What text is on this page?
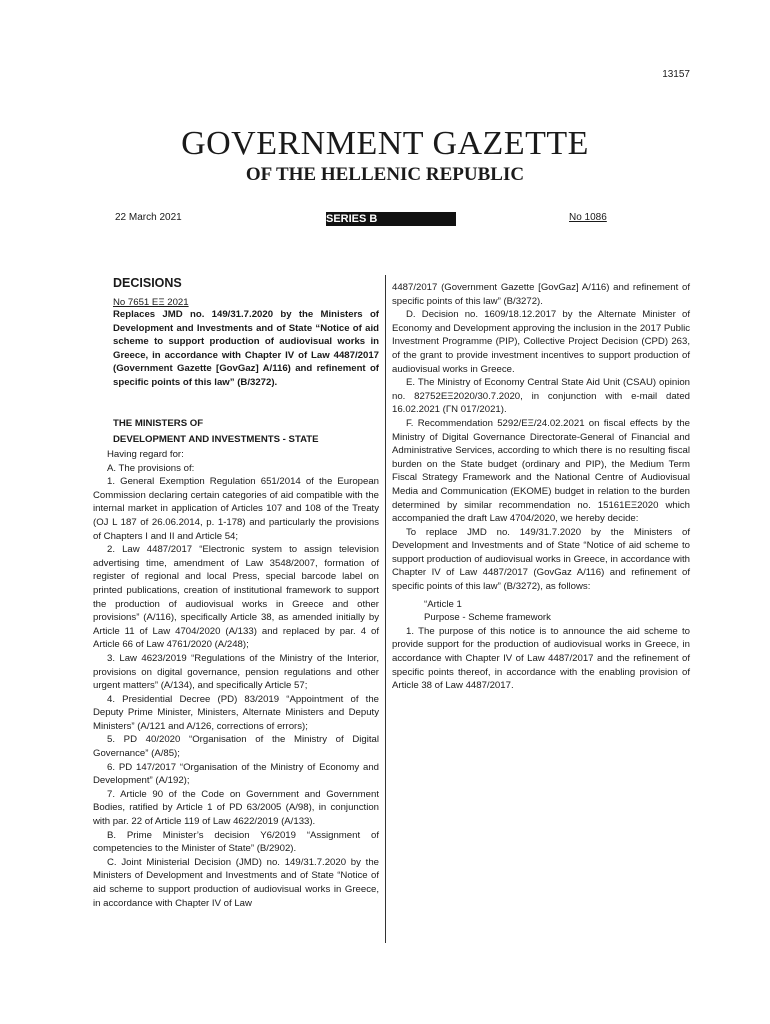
13157
GOVERNMENT GAZETTE
OF THE HELLENIC REPUBLIC
22 March 2021	SERIES B	No 1086
DECISIONS
No 7651 ΕΞ 2021
Replaces JMD no. 149/31.7.2020 by the Ministers of Development and Investments and of State “Notice of aid scheme to support production of audiovisual works in Greece, in accordance with Chapter IV of Law 4487/2017 (Government Gazette [GovGaz] A/116) and refinement of specific points of this law” (B/3272).
THE MINISTERS OF
DEVELOPMENT AND INVESTMENTS - STATE

Having regard for:

A. The provisions of:

1. General Exemption Regulation 651/2014 of the European Commission declaring certain categories of aid compatible with the internal market in application of Articles 107 and 108 of the Treaty (OJ L 187 of 26.06.2014, p. 1-178) and particularly the provisions of Chapters I and II and Article 54;

2. Law 4487/2017 “Electronic system to assign television advertising time, amendment of Law 3548/2007, formation of register of regional and local Press, special barcode label on printed publications, creation of institutional framework to support the production of audiovisual works in Greece and other provisions” (A/116), specifically Article 38, as amended initially by Article 11 of Law 4704/2020 (A/133) and replaced by par. 4 of Article 66 of Law 4761/2020 (A/248);

3. Law 4623/2019 “Regulations of the Ministry of the Interior, provisions on digital governance, pension regulations and other urgent matters” (A/134), and specifically Article 57;

4. Presidential Decree (PD) 83/2019 “Appointment of the Deputy Prime Minister, Ministers, Alternate Ministers and Deputy Ministers” (A/121 and A/126, corrections of errors);

5. PD 40/2020 “Organisation of the Ministry of Digital Governance” (A/85);

6. PD 147/2017 “Organisation of the Ministry of Economy and Development” (A/192);

7. Article 90 of the Code on Government and Government Bodies, ratified by Article 1 of PD 63/2005 (A/98), in conjunction with par. 22 of Article 119 of Law 4622/2019 (A/133).

B. Prime Minister’s decision Y6/2019 “Assignment of competencies to the Minister of State” (B/2902).

C. Joint Ministerial Decision (JMD) no. 149/31.7.2020 by the Ministers of Development and Investments and of State “Notice of aid scheme to support production of audiovisual works in Greece, in accordance with Chapter IV of Law

4487/2017 (Government Gazette [GovGaz] A/116) and refinement of specific points of this law” (B/3272).

D. Decision no. 1609/18.12.2017 by the Alternate Minister of Economy and Development approving the inclusion in the 2017 Public Investment Programme (PIP), Collective Project Decision (CPD) 263, of the grant to provide investment incentives to support production of audiovisual works in Greece.

E. The Ministry of Economy Central State Aid Unit (CSAU) opinion no. 82752ΕΞ2020/30.7.2020, in conjunction with e-mail dated 16.02.2021 (ΓΝ 017/2021).

F. Recommendation 5292/ΕΞ/24.02.2021 on fiscal effects by the Ministry of Digital Governance Directorate-General of Financial and Administrative Services, according to which there is no resulting fiscal burden on the State budget (ordinary and PIP), the Medium Term Fiscal Strategy Framework and the National Centre of Audiovisual Media and Communication (EKOME) budget in relation to the burden determined by similar recommendation no. 15161ΕΞ2020 which accompanied the draft Law 4704/2020, we hereby decide:

To replace JMD no. 149/31.7.2020 by the Ministers of Development and Investments and of State “Notice of aid scheme to support production of audiovisual works in Greece, in accordance with Chapter IV of Law 4487/2017 (GovGaz A/116) and refinement of specific points of this law” (B/3272), as follows:

“Article 1
Purpose - Scheme framework

1. The purpose of this notice is to announce the aid scheme to provide support for the production of audiovisual works in Greece, in accordance with Chapter IV of Law 4487/2017 and the refinement of specific points thereof, in accordance with the enabling provision of Article 38 of Law 4487/2017.
